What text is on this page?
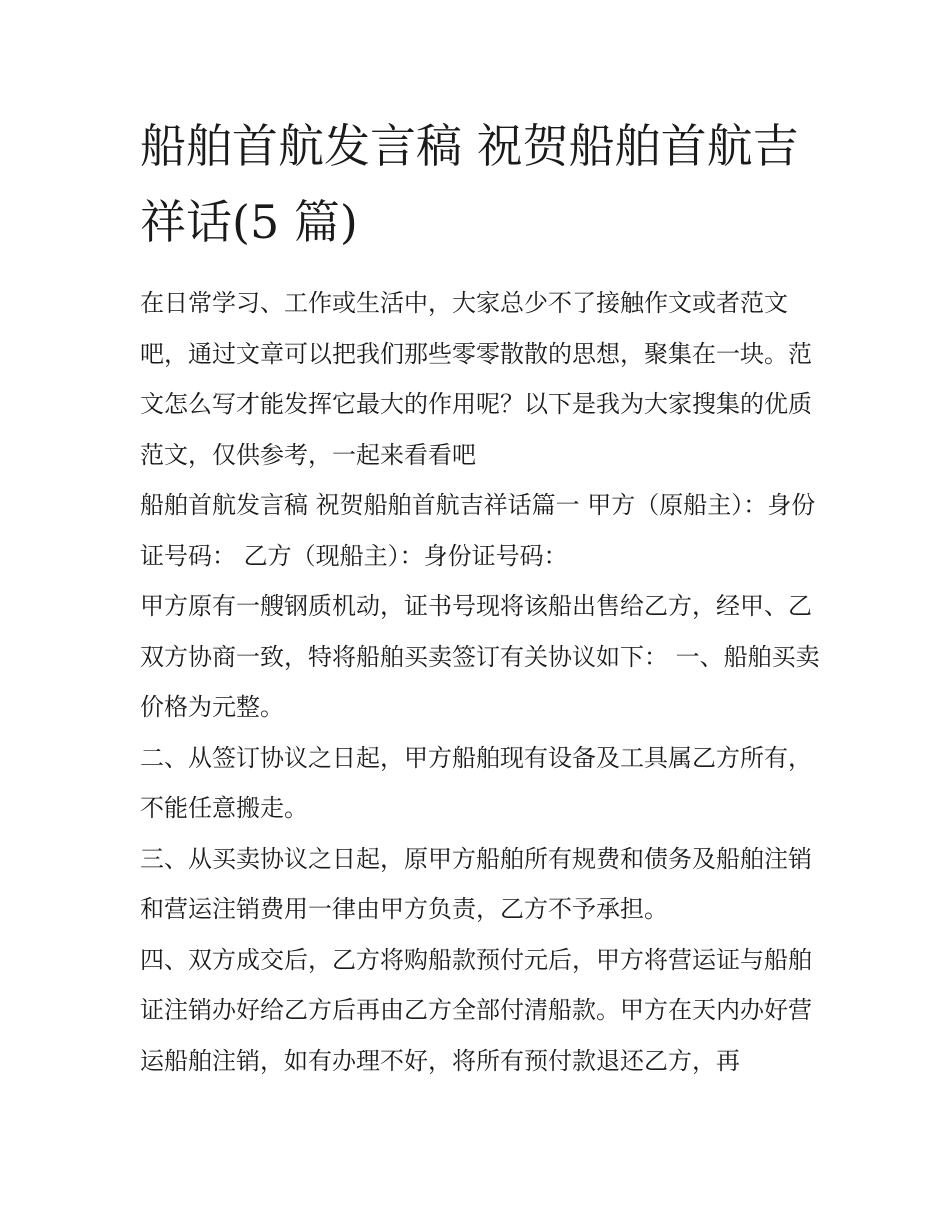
船舶首航发言稿 祝贺船舶首航吉祥话(5 篇)

在日常学习、工作或生活中，大家总少不了接触作文或者范文吧，通过文章可以把我们那些零零散散的思想，聚集在一块。范文怎么写才能发挥它最大的作用呢？以下是我为大家搜集的优质范文，仅供参考，一起来看看吧

船舶首航发言稿 祝贺船舶首航吉祥话篇一 甲方（原船主）：身份证号码： 乙方（现船主）：身份证号码：

甲方原有一艘钢质机动，证书号现将该船出售给乙方，经甲、乙双方协商一致，特将船舶买卖签订有关协议如下： 一、船舶买卖价格为元整。

二、从签订协议之日起，甲方船舶现有设备及工具属乙方所有，不能任意搬走。

三、从买卖协议之日起，原甲方船舶所有规费和债务及船舶注销和营运注销费用一律由甲方负责，乙方不予承担。

四、双方成交后，乙方将购船款预付元后，甲方将营运证与船舶证注销办好给乙方后再由乙方全部付清船款。甲方在天内办好营运船舶注销，如有办理不好，将所有预付款退还乙方，再
